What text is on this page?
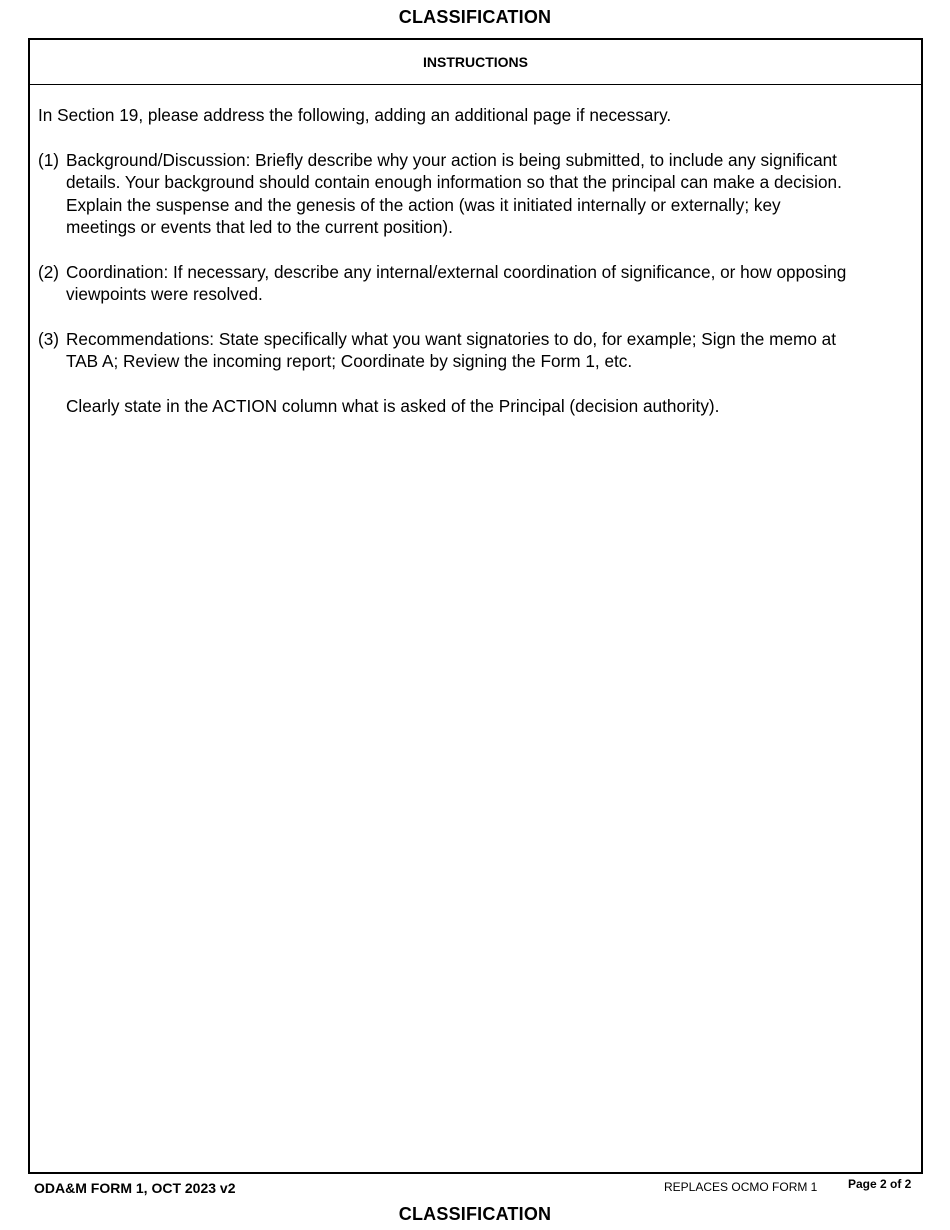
CLASSIFICATION
INSTRUCTIONS

In Section 19, please address the following, adding an additional page if necessary.

(1) Background/Discussion: Briefly describe why your action is being submitted, to include any significant
details. Your background should contain enough information so that the principal can make a decision.
Explain the suspense and the genesis of the action (was it initiated internally or externally; key
meetings or events that led to the current position).
(2) Coordination: If necessary, describe any internal/external coordination of significance, or how opposing
viewpoints were resolved.
(3) Recommendations: State specifically what you want signatories to do, for example; Sign the memo at
TAB A; Review the incoming report; Coordinate by signing the Form 1, etc.

Clearly state in the ACTION column what is asked of the Principal (decision authority).

ODA&M FORM 1, OCT 2023 v2	REPLACES OCMO FORM 1	Page 2 of 2
CLASSIFICATION
